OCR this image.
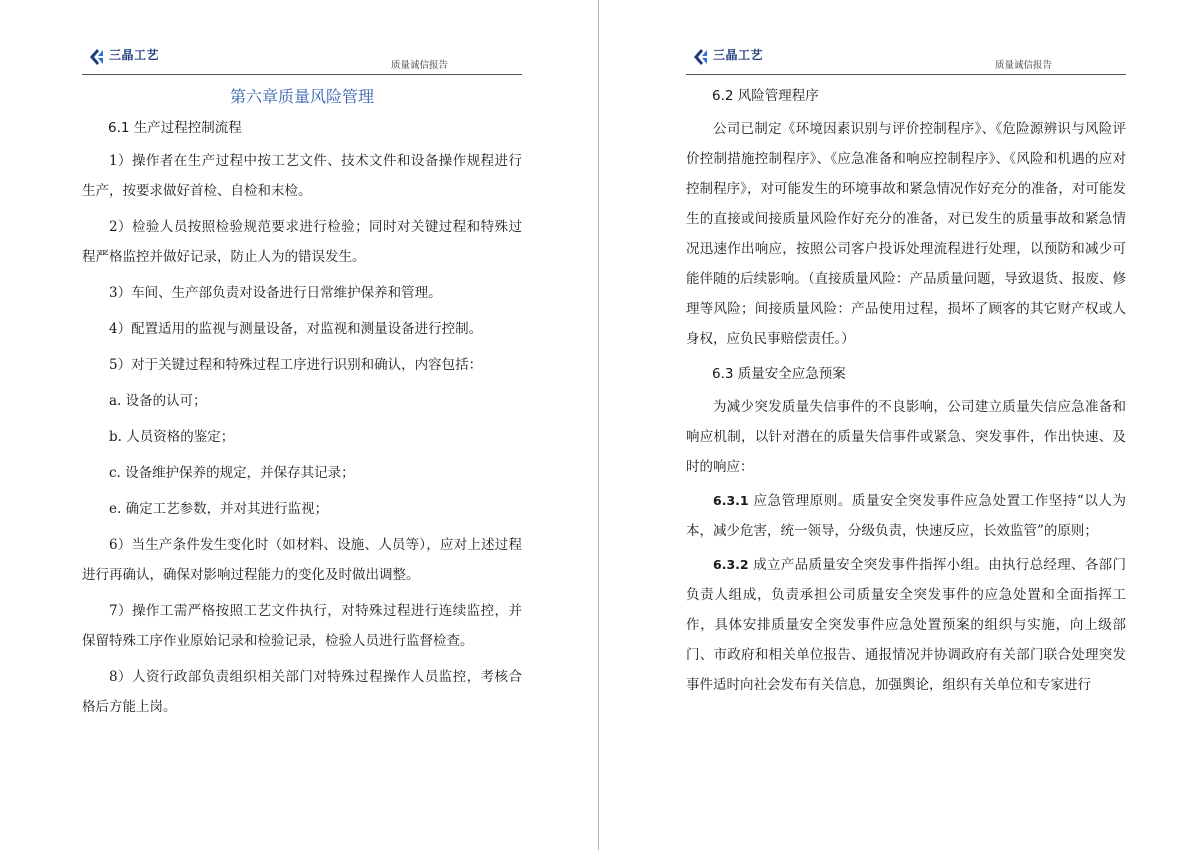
三晶工艺
质量诚信报告
第六章质量风险管理
6.1 生产过程控制流程

1）操作者在生产过程中按工艺文件、技术文件和设备操作规程进行生产，按要求做好首检、自检和末检。

2）检验人员按照检验规范要求进行检验；同时对关键过程和特殊过程严格监控并做好记录，防止人为的错误发生。

3）车间、生产部负责对设备进行日常维护保养和管理。

4）配置适用的监视与测量设备，对监视和测量设备进行控制。

5）对于关键过程和特殊过程工序进行识别和确认，内容包括：

a. 设备的认可；

b. 人员资格的鉴定；

c. 设备维护保养的规定，并保存其记录；

e. 确定工艺参数，并对其进行监视；

6）当生产条件发生变化时（如材料、设施、人员等），应对上述过程进行再确认，确保对影响过程能力的变化及时做出调整。

7）操作工需严格按照工艺文件执行，对特殊过程进行连续监控，并保留特殊工序作业原始记录和检验记录，检验人员进行监督检查。

8）人资行政部负责组织相关部门对特殊过程操作人员监控，考核合格后方能上岗。

三晶工艺
质量诚信报告
6.2 风险管理程序

公司已制定《环境因素识别与评价控制程序》、《危险源辨识与风险评价控制措施控制程序》、《应急准备和响应控制程序》、《风险和机遇的应对控制程序》，对可能发生的环境事故和紧急情况作好充分的准备，对可能发生的直接或间接质量风险作好充分的准备，对已发生的质量事故和紧急情况迅速作出响应，按照公司客户投诉处理流程进行处理，以预防和减少可能伴随的后续影响。（直接质量风险：产品质量问题，导致退货、报废、修理等风险；间接质量风险：产品使用过程，损坏了顾客的其它财产权或人身权，应负民事赔偿责任。）

6.3 质量安全应急预案

为减少突发质量失信事件的不良影响，公司建立质量失信应急准备和响应机制，以针对潜在的质量失信事件或紧急、突发事件，作出快速、及时的响应：

6.3.1 应急管理原则。质量安全突发事件应急处置工作坚持“以人为本，减少危害，统一领导，分级负责，快速反应，长效监管”的原则；

6.3.2 成立产品质量安全突发事件指挥小组。由执行总经理、各部门负责人组成，负责承担公司质量安全突发事件的应急处置和全面指挥工作，具体安排质量安全突发事件应急处置预案的组织与实施，向上级部门、市政府和相关单位报告、通报情况并协调政府有关部门联合处理突发事件适时向社会发布有关信息，加强舆论，组织有关单位和专家进行
